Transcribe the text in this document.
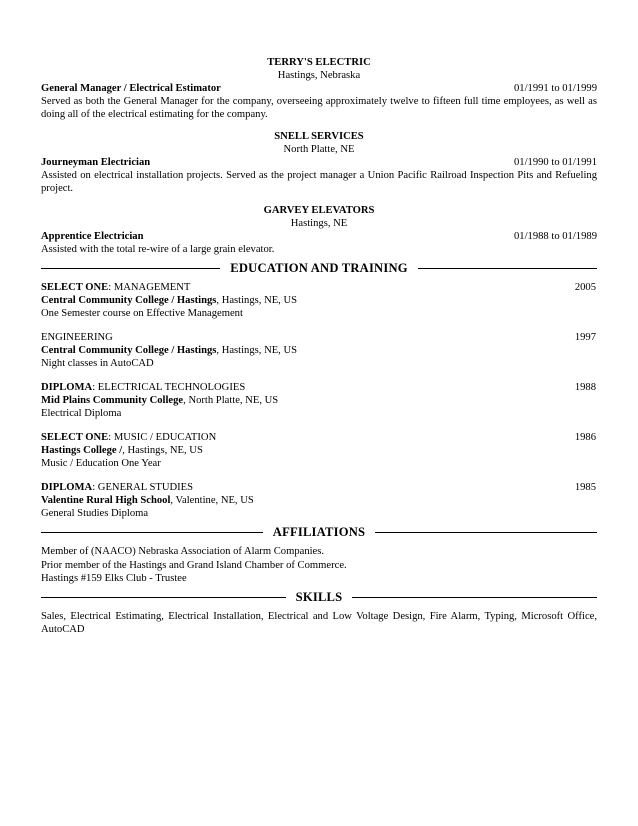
TERRY'S ELECTRIC
Hastings, Nebraska
General Manager / Electrical Estimator	01/1991 to 01/1999
Served as both the General Manager for the company, overseeing approximately twelve to fifteen full time employees, as well as doing all of the electrical estimating for the company.
SNELL SERVICES
North Platte, NE
Journeyman Electrician	01/1990 to 01/1991
Assisted on electrical installation projects. Served as the project manager a Union Pacific Railroad Inspection Pits and Refueling project.
GARVEY ELEVATORS
Hastings, NE
Apprentice Electrician	01/1988 to 01/1989
Assisted with the total re-wire of a large grain elevator.
EDUCATION AND TRAINING
SELECT ONE: MANAGEMENT	2005
Central Community College / Hastings, Hastings, NE, US
One Semester course on Effective Management
ENGINEERING	1997
Central Community College / Hastings, Hastings, NE, US
Night classes in AutoCAD
DIPLOMA: ELECTRICAL TECHNOLOGIES	1988
Mid Plains Community College, North Platte, NE, US
Electrical Diploma
SELECT ONE: MUSIC / EDUCATION	1986
Hastings College /, Hastings, NE, US
Music / Education One Year
DIPLOMA: GENERAL STUDIES	1985
Valentine Rural High School, Valentine, NE, US
General Studies Diploma
AFFILIATIONS
Member of (NAACO) Nebraska Association of Alarm Companies.
Prior member of the Hastings and Grand Island Chamber of Commerce.
Hastings #159 Elks Club - Trustee
SKILLS
Sales, Electrical Estimating, Electrical Installation, Electrical and Low Voltage Design, Fire Alarm, Typing, Microsoft Office, AutoCAD
